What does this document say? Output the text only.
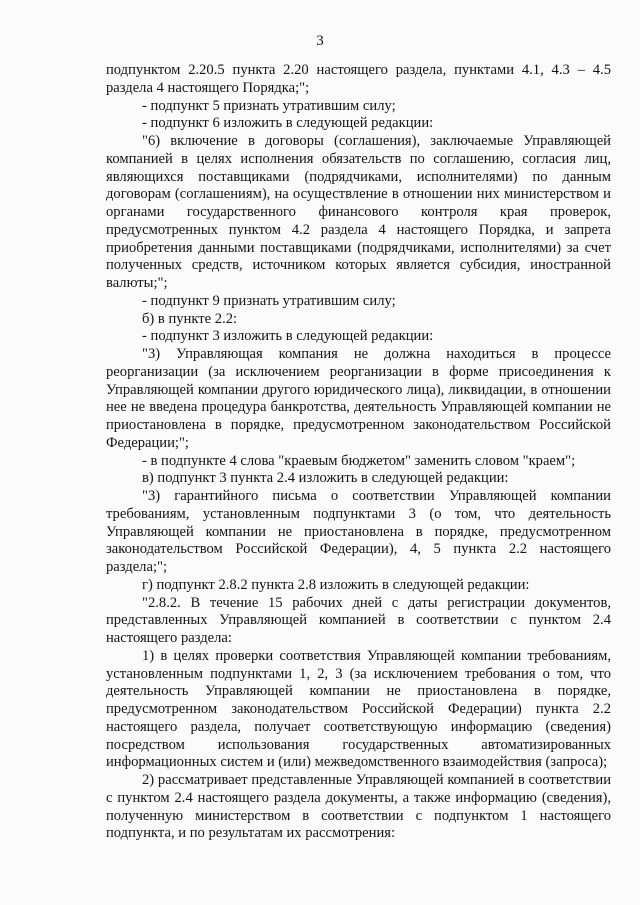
3

подпунктом 2.20.5 пункта 2.20 настоящего раздела, пунктами 4.1, 4.3 – 4.5 раздела 4 настоящего Порядка;";

- подпункт 5 признать утратившим силу;

- подпункт 6 изложить в следующей редакции:

"6) включение в договоры (соглашения), заключаемые Управляющей компанией в целях исполнения обязательств по соглашению, согласия лиц, являющихся поставщиками (подрядчиками, исполнителями) по данным договорам (соглашениям), на осуществление в отношении них министерством и органами государственного финансового контроля края проверок, предусмотренных пунктом 4.2 раздела 4 настоящего Порядка, и запрета приобретения данными поставщиками (подрядчиками, исполнителями) за счет полученных средств, источником которых является субсидия, иностранной валюты;";

- подпункт 9 признать утратившим силу;

б) в пункте 2.2:

- подпункт 3 изложить в следующей редакции:

"3) Управляющая компания не должна находиться в процессе реорганизации (за исключением реорганизации в форме присоединения к Управляющей компании другого юридического лица), ликвидации, в отношении нее не введена процедура банкротства, деятельность Управляющей компании не приостановлена в порядке, предусмотренном законодательством Российской Федерации;";

- в подпункте 4 слова "краевым бюджетом" заменить словом "краем";

в) подпункт 3 пункта 2.4 изложить в следующей редакции:

"3) гарантийного письма о соответствии Управляющей компании требованиям, установленным подпунктами 3 (о том, что деятельность Управляющей компании не приостановлена в порядке, предусмотренном законодательством Российской Федерации), 4, 5 пункта 2.2 настоящего раздела;";

г) подпункт 2.8.2 пункта 2.8 изложить в следующей редакции:

"2.8.2. В течение 15 рабочих дней с даты регистрации документов, представленных Управляющей компанией в соответствии с пунктом 2.4 настоящего раздела:

1) в целях проверки соответствия Управляющей компании требованиям, установленным подпунктами 1, 2, 3 (за исключением требования о том, что деятельность Управляющей компании не приостановлена в порядке, предусмотренном законодательством Российской Федерации) пункта 2.2 настоящего раздела, получает соответствующую информацию (сведения) посредством использования государственных автоматизированных информационных систем и (или) межведомственного взаимодействия (запроса);

2) рассматривает представленные Управляющей компанией в соответствии с пунктом 2.4 настоящего раздела документы, а также информацию (сведения), полученную министерством в соответствии с подпунктом 1 настоящего подпункта, и по результатам их рассмотрения:
